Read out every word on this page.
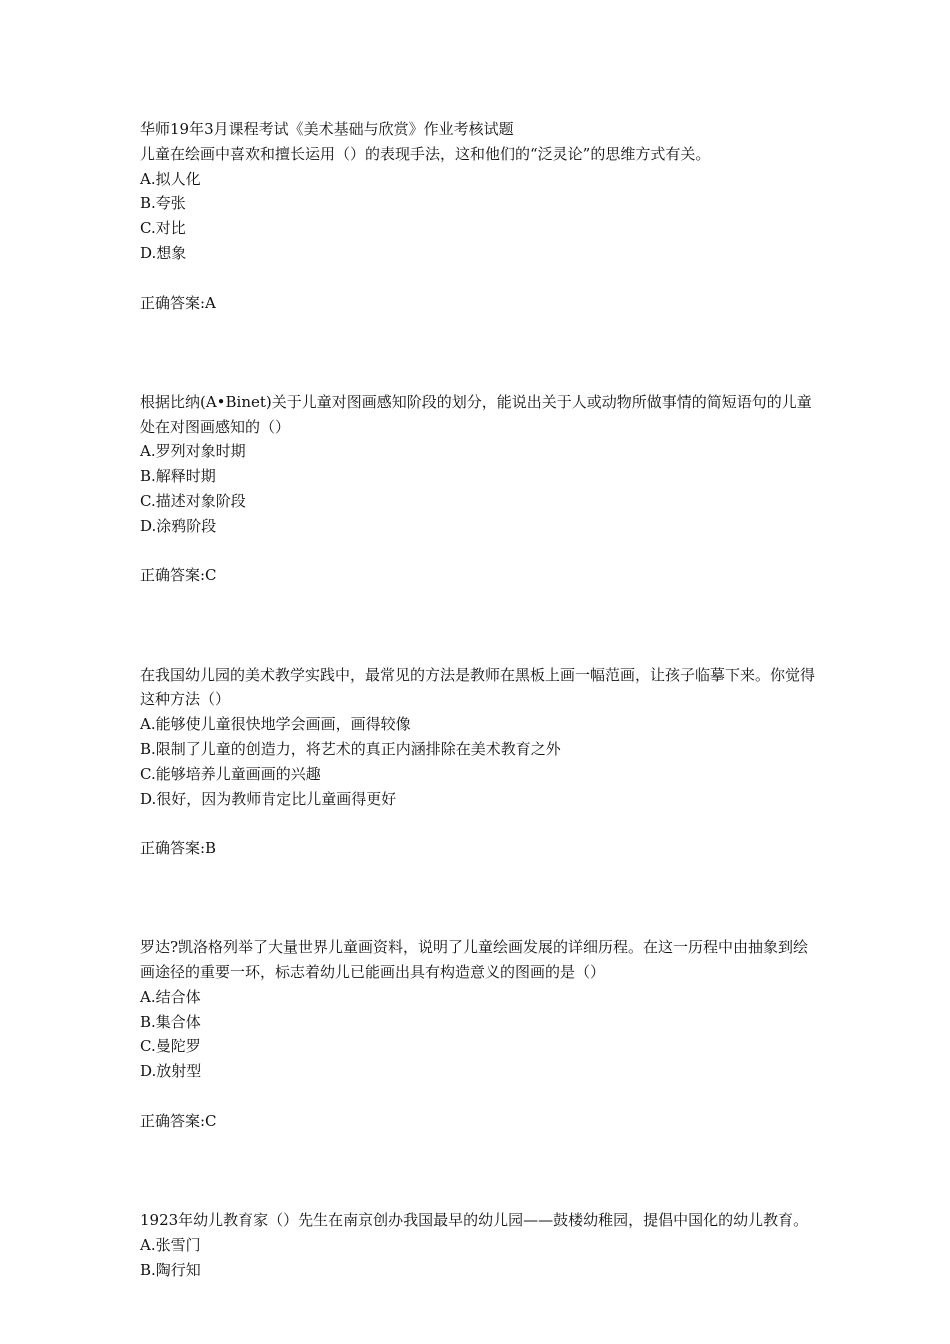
华师19年3月课程考试《美术基础与欣赏》作业考核试题
儿童在绘画中喜欢和擅长运用（）的表现手法，这和他们的“泛灵论”的思维方式有关。
A.拟人化
B.夸张
C.对比
D.想象
正确答案:A
根据比纳(A•Binet)关于儿童对图画感知阶段的划分，能说出关于人或动物所做事情的简短语句的儿童处在对图画感知的（）
A.罗列对象时期
B.解释时期
C.描述对象阶段
D.涂鸦阶段
正确答案:C
在我国幼儿园的美术教学实践中，最常见的方法是教师在黑板上画一幅范画，让孩子临摹下来。你觉得这种方法（）
A.能够使儿童很快地学会画画，画得较像
B.限制了儿童的创造力，将艺术的真正内涵排除在美术教育之外
C.能够培养儿童画画的兴趣
D.很好，因为教师肯定比儿童画得更好
正确答案:B
罗达?凯洛格列举了大量世界儿童画资料，说明了儿童绘画发展的详细历程。在这一历程中由抽象到绘画途径的重要一环，标志着幼儿已能画出具有构造意义的图画的是（）
A.结合体
B.集合体
C.曼陀罗
D.放射型
正确答案:C
1923年幼儿教育家（）先生在南京创办我国最早的幼儿园——鼓楼幼稚园，提倡中国化的幼儿教育。
A.张雪门
B.陶行知
